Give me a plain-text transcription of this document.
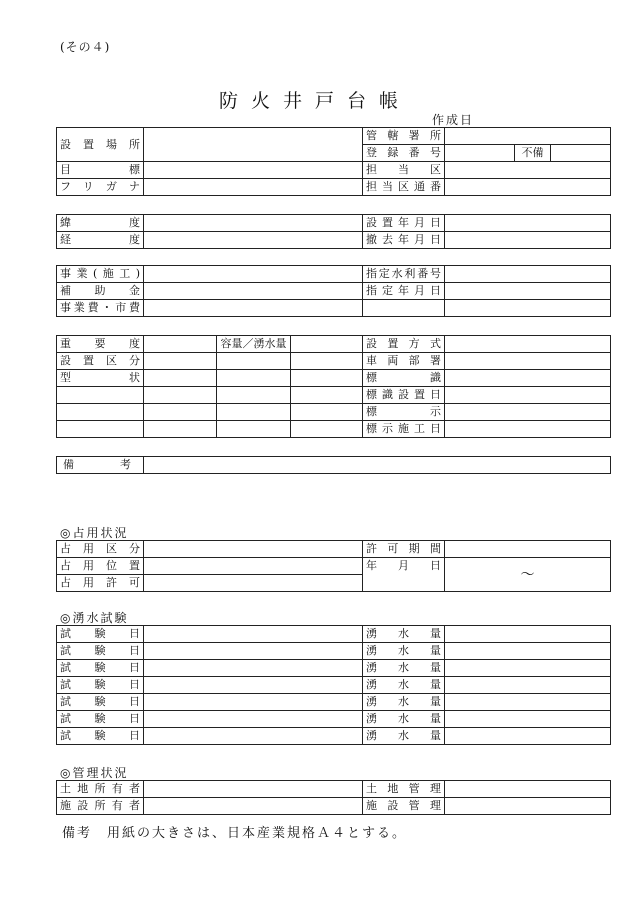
(その４)
防火井戸台帳
作成日
設置場所		管轄署所			
		登録番号		不備	
目　　標		担　当　区			
フリガナ		担当区通番			
緯　　度		設置年月日	
経　　度		撤去年月日	
事業(施工)		指定水利番号	
補　助　金		指定年月日	
事業費・市費			
重　要　度		容量／湧水量		設置方式	
設置区分				車両部署	
型　　状				標　　識	
				標識設置日	
				標　　示	
				標示施工日	
備　　考	
◎占用状況
占用区分		許可期間	
占用位置		年　月　日	～
占用許可			
◎湧水試験
試　験　日		湧　水　量	
試　験　日		湧　水　量	
試　験　日		湧　水　量	
試　験　日		湧　水　量	
試　験　日		湧　水　量	
試　験　日		湧　水　量	
試　験　日		湧　水　量	
◎管理状況
土地所有者		土地管理	
施設所有者		施設管理	
備考　用紙の大きさは、日本産業規格Ａ４とする。
